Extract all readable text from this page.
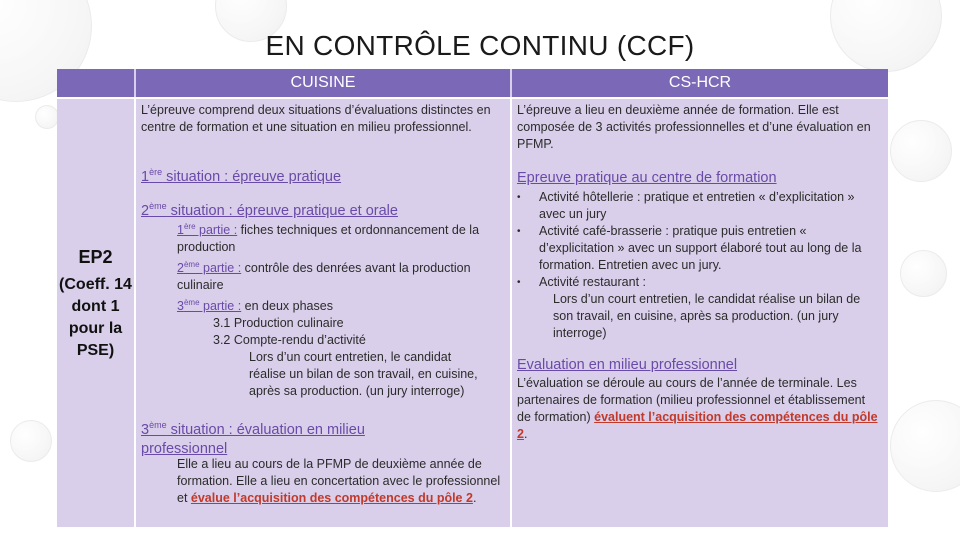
EN CONTRÔLE CONTINU (CCF)
CUISINE	CS-HCR
EP2
(Coeff. 14 dont 1 pour la PSE)
L’épreuve comprend deux situations d’évaluations distinctes en centre de formation et une situation en milieu professionnel.
1ère situation : épreuve pratique
2ème situation : épreuve pratique et orale
1ère partie : fiches techniques et ordonnancement de la production
2ème partie : contrôle des denrées avant la production culinaire
3ème partie : en deux phases
3.1 Production culinaire
3.2 Compte-rendu d’activité
Lors d’un court entretien, le candidat réalise un bilan de son travail, en cuisine, après sa production. (un jury interroge)
3ème situation : évaluation en milieu professionnel
Elle a lieu au cours de la PFMP de deuxième année de formation. Elle a lieu en concertation avec le professionnel et évalue l’acquisition des compétences du pôle 2.
L’épreuve a lieu en deuxième année de formation. Elle est composée de 3 activités professionnelles et d’une évaluation en PFMP.
Epreuve pratique au centre de formation
• Activité hôtellerie : pratique et entretien « d’explicitation » avec un jury
• Activité café-brasserie : pratique puis entretien « d’explicitation » avec un support élaboré tout au long de la formation. Entretien avec un jury.
• Activité restaurant :
Lors d’un court entretien, le candidat réalise un bilan de son travail, en cuisine, après sa production. (un jury interroge)
Evaluation en milieu professionnel
L’évaluation se déroule au cours de l’année de terminale. Les partenaires de formation (milieu professionnel et établissement de formation) évaluent l’acquisition des compétences du pôle 2.
